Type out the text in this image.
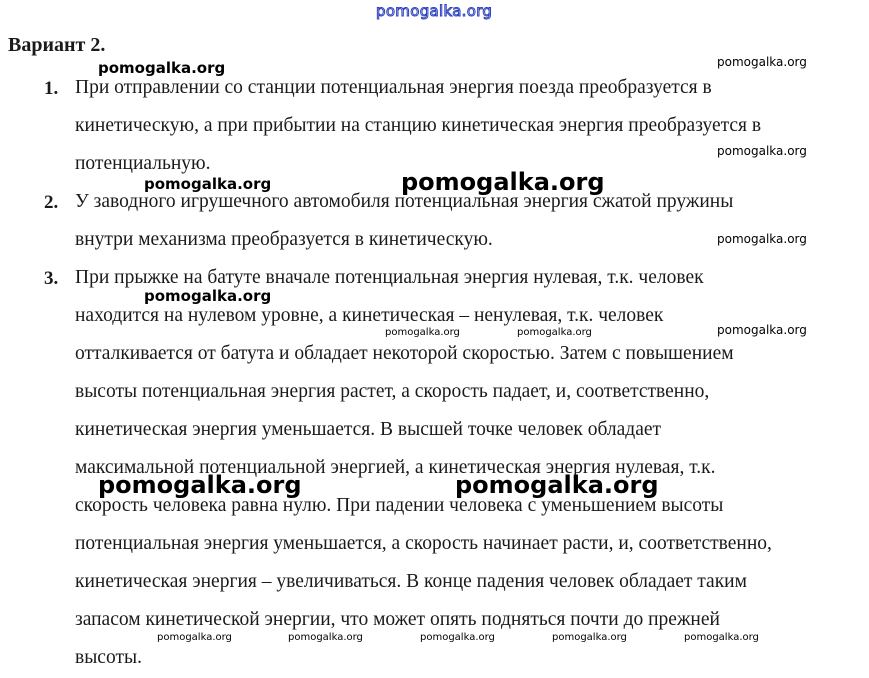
pomogalka.org
Вариант 2.
1. При отправлении со станции потенциальная энергия поезда преобразуется в
кинетическую, а при прибытии на станцию кинетическая энергия преобразуется в
потенциальную.
2. У заводного игрушечного автомобиля потенциальная энергия сжатой пружины
внутри механизма преобразуется в кинетическую.
3. При прыжке на батуте вначале потенциальная энергия нулевая, т.к. человек
находится на нулевом уровне, а кинетическая – ненулевая, т.к. человек
отталкивается от батута и обладает некоторой скоростью. Затем с повышением
высоты потенциальная энергия растет, а скорость падает, и, соответственно,
кинетическая энергия уменьшается. В высшей точке человек обладает
максимальной потенциальной энергией, а кинетическая энергия нулевая, т.к.
скорость человека равна нулю. При падении человека с уменьшением высоты
потенциальная энергия уменьшается, а скорость начинает расти, и, соответственно,
кинетическая энергия – увеличиваться. В конце падения человек обладает таким
запасом кинетической энергии, что может опять подняться почти до прежней
высоты.
pomogalka.org	pomogalka.org
pomogalka.org
pomogalka.org	pomogalka.org
pomogalka.org
pomogalka.org
pomogalka.org	pomogalka.org	pomogalka.org
pomogalka.org	pomogalka.org
pomogalka.org	pomogalka.org	pomogalka.org	pomogalka.org	pomogalka.org
